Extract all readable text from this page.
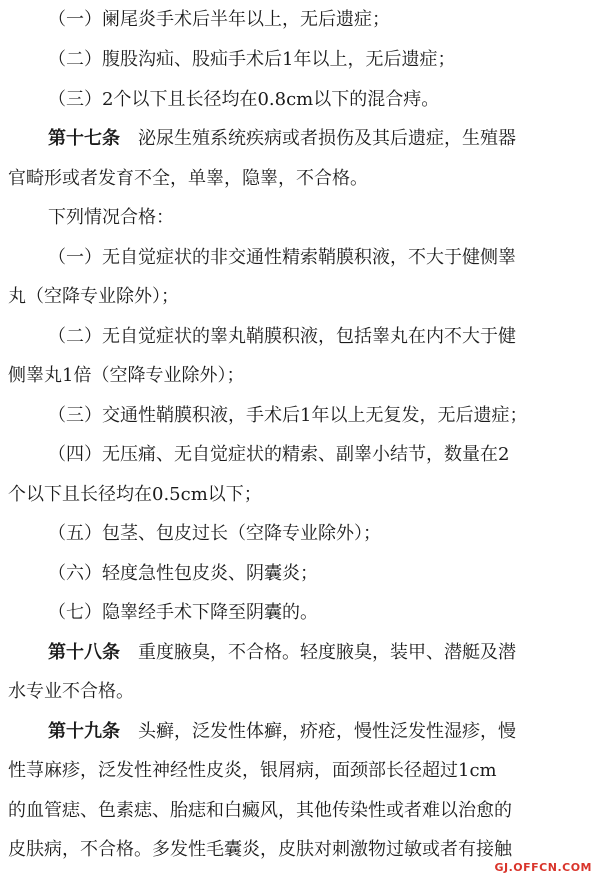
（一）阑尾炎手术后半年以上，无后遗症；
（二）腹股沟疝、股疝手术后1年以上，无后遗症；
（三）2个以下且长径均在0.8cm以下的混合痔。
第十七条 泌尿生殖系统疾病或者损伤及其后遗症，生殖器
官畸形或者发育不全，单睾，隐睾，不合格。
下列情况合格：
（一）无自觉症状的非交通性精索鞘膜积液，不大于健侧睾
丸（空降专业除外）；
（二）无自觉症状的睾丸鞘膜积液，包括睾丸在内不大于健
侧睾丸1倍（空降专业除外）；
（三）交通性鞘膜积液，手术后1年以上无复发，无后遗症；
（四）无压痛、无自觉症状的精索、副睾小结节，数量在2
个以下且长径均在0.5cm以下；
（五）包茎、包皮过长（空降专业除外）；
（六）轻度急性包皮炎、阴囊炎；
（七）隐睾经手术下降至阴囊的。
第十八条 重度腋臭，不合格。轻度腋臭，装甲、潜艇及潜
水专业不合格。
第十九条 头癣，泛发性体癣，疥疮，慢性泛发性湿疹，慢
性荨麻疹，泛发性神经性皮炎，银屑病，面颈部长径超过1cm
的血管痣、色素痣、胎痣和白癜风，其他传染性或者难以治愈的
皮肤病，不合格。多发性毛囊炎，皮肤对刺激物过敏或者有接触
GJ.OFFCN.COM
